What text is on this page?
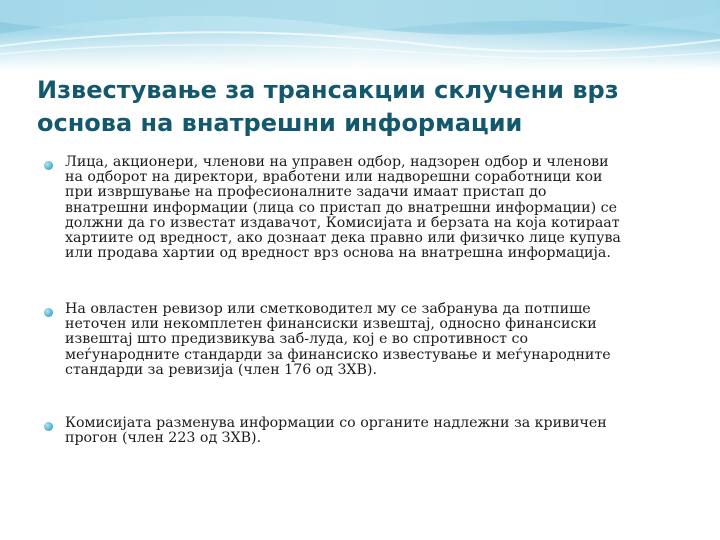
Известување за трансакции склучени врз
основа на внатрешни информации
Лица, акционери, членови на управен одбор, надзорен одбор и членови
на одборот на директори, вработени или надворешни соработници кои
при извршување на професионалните задачи имаат пристап до
внатрешни информации (лица со пристап до внатрешни информации) се
должни да го известат издавачот, Комисијата и берзата на која котираат
хартиите од вредност, ако дознаат дека правно или физичко лице купува
или продава хартии од вредност врз основа на внатрешна информација.
На овластен ревизор или сметководител му се забранува да потпише
неточен или некомплетен финансиски извештај, односно финансиски
извештај што предизвикува заб-луда, кој е во спротивност со
меѓународните стандарди за финансиско известување и меѓународните
стандарди за ревизија (член 176 од ЗХВ).
Комисијата разменува информации со органите надлежни за кривичен
прогон (член 223 од ЗХВ).
